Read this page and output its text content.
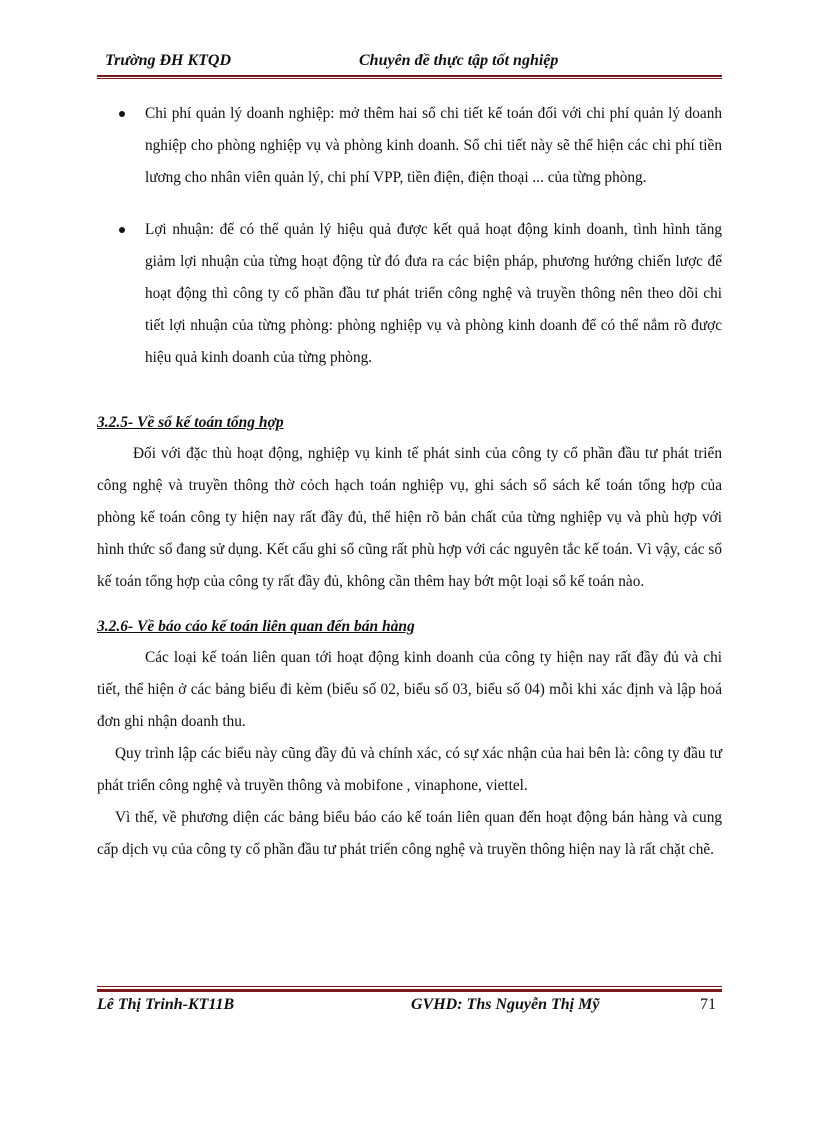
Trường ĐH KTQD	Chuyên đề thực tập tốt nghiệp
Chi phí quản lý doanh nghiệp: mở thêm hai sổ chi tiết kế toán đối với chi phí quản lý doanh nghiệp cho phòng nghiệp vụ và phòng kinh doanh. Sổ chi tiết này sẽ thể hiện các chi phí tiền lương cho nhân viên quản lý, chi phí VPP, tiền điện, điện thoại ... của từng phòng.
Lợi nhuận: để có thể quản lý hiệu quả được kết quả hoạt động kinh doanh, tình hình tăng giảm lợi nhuận của từng hoạt động từ đó đưa ra các biện pháp, phương hướng chiến lược để hoạt động thì công ty cổ phần đầu tư phát triển công nghệ và truyền thông nên theo dõi chi tiết lợi nhuận của từng phòng: phòng nghiệp vụ và phòng kinh doanh để có thể nắm rõ được hiệu quả kinh doanh của từng phòng.
3.2.5- Về sổ kế toán tổng hợp

Đối với đặc thù hoạt động, nghiệp vụ kinh tế phát sinh của công ty cổ phần đầu tư phát triển công nghệ và truyền thông thờ cỏch hạch toán nghiệp vụ, ghi sách sổ sách kế toán tổng hợp của phòng kế toán công ty hiện nay rất đầy đủ, thể hiện rõ bản chất của từng nghiệp vụ và phù hợp với hình thức sổ đang sử dụng. Kết cấu ghi sổ cũng rất phù hợp với các nguyên tắc kế toán. Vì vậy, các sổ kế toán tổng hợp của công ty rất đầy đủ, không cần thêm hay bớt một loại sổ kế toán nào.

3.2.6- Về báo cáo kế toán liên quan đến bán hàng

Các loại kế toán liên quan tới hoạt động kinh doanh của công ty hiện nay rất đầy đủ và chi tiết, thể hiện ở các bảng biểu đi kèm (biểu số 02, biểu số 03, biểu số 04) mỗi khi xác định và lập hoá đơn ghi nhận doanh thu.

Quy trình lập các biểu này cũng đầy đủ và chính xác, có sự xác nhận của hai bên là: công ty đầu tư phát triển công nghệ và truyền thông và mobifone , vinaphone, viettel.

Vì thế, về phương diện các bảng biểu báo cáo kế toán liên quan đến hoạt động bán hàng và cung cấp dịch vụ của công ty cổ phần đầu tư phát triển công nghệ và truyền thông hiện nay là rất chặt chẽ.

Lê Thị Trinh-KT11B	GVHD: Ths Nguyễn Thị Mỹ	71
